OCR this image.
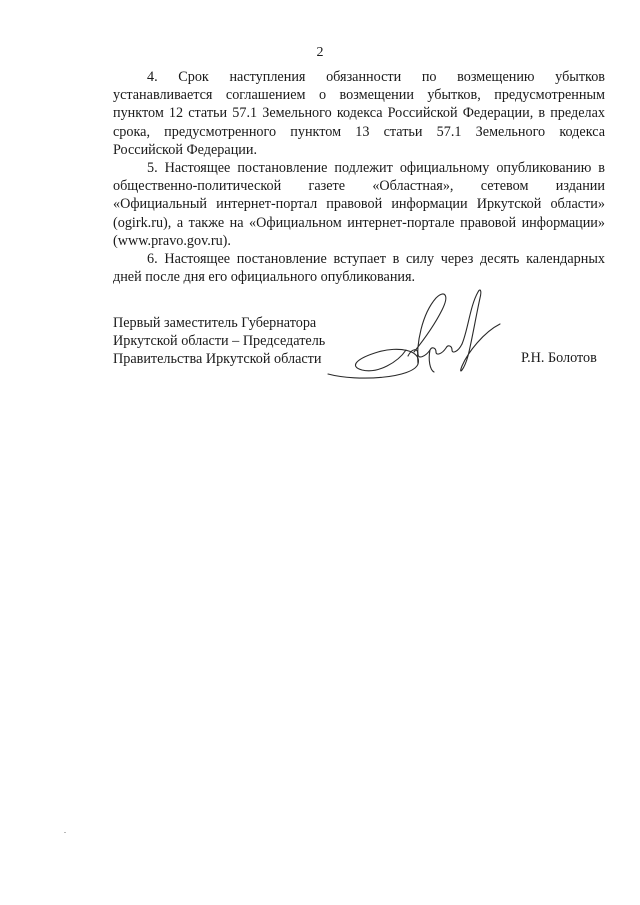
2
4. Срок наступления обязанности по возмещению убытков
устанавливается соглашением о возмещении убытков, предусмотренным
пунктом 12 статьи 57.1 Земельного кодекса Российской Федерации, в пределах
срока, предусмотренного пунктом 13 статьи 57.1 Земельного кодекса
Российской Федерации.
5. Настоящее постановление подлежит официальному опубликованию в
общественно-политической газете «Областная», сетевом издании
«Официальный интернет-портал правовой информации Иркутской области»
(ogirk.ru), а также на «Официальном интернет-портале правовой информации»
(www.pravo.gov.ru).
6. Настоящее постановление вступает в силу через десять календарных
дней после дня его официального опубликования.
Первый заместитель Губернатора
Иркутской области – Председатель
Правительства Иркутской области	Р.Н. Болотов
